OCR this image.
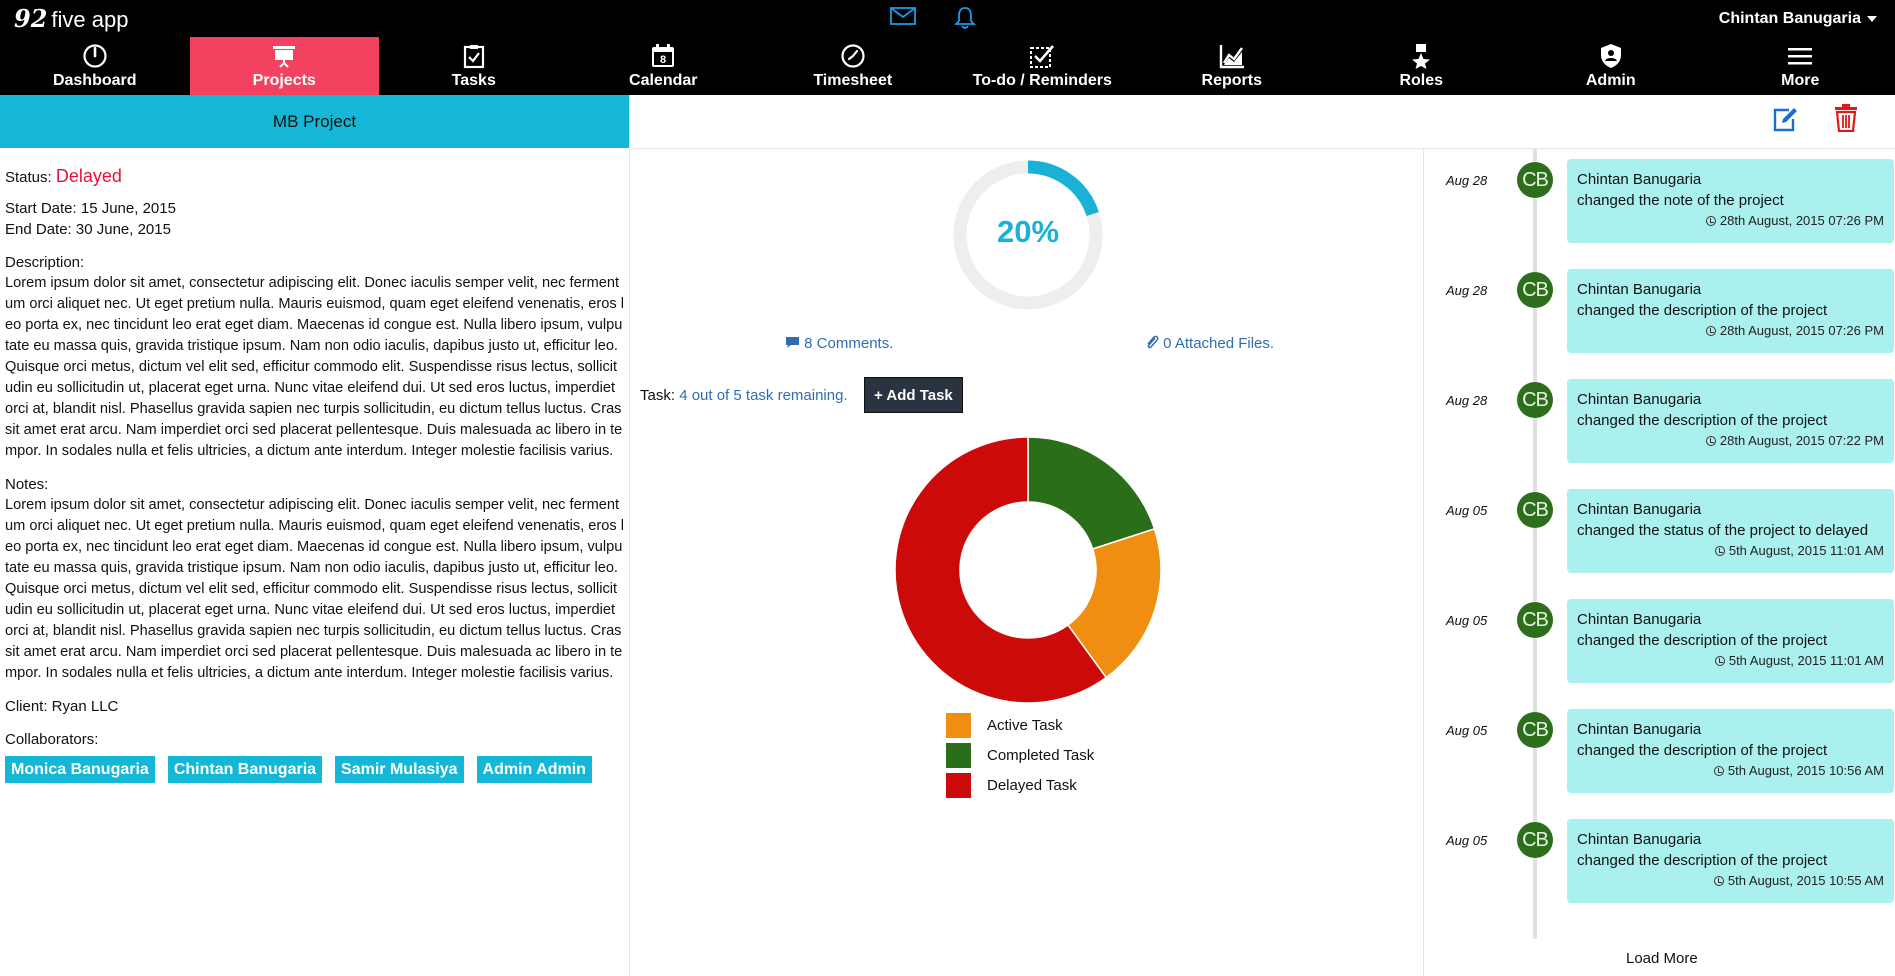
92 five app	Chintan Banugaria
Dashboard	Projects	Tasks
8
Calendar	Timesheet	To-do / Reminders	Reports	Roles	Admin	More
MB Project
Status: Delayed
Start Date: 15 June, 2015
End Date: 30 June, 2015
Description:
Lorem ipsum dolor sit amet, consectetur adipiscing elit. Donec iaculis semper velit, nec fermentum orci aliquet nec. Ut eget pretium nulla. Mauris euismod, quam eget eleifend venenatis, eros leo porta ex, nec tincidunt leo erat eget diam. Maecenas id congue est. Nulla libero ipsum, vulputate eu massa quis, gravida tristique ipsum. Nam non odio iaculis, dapibus justo ut, efficitur leo. Quisque orci metus, dictum vel elit sed, efficitur commodo elit. Suspendisse risus lectus, sollicitudin eu sollicitudin ut, placerat eget urna. Nunc vitae eleifend dui. Ut sed eros luctus, imperdiet orci at, blandit nisl. Phasellus gravida sapien nec turpis sollicitudin, eu dictum tellus luctus. Cras sit amet erat arcu. Nam imperdiet orci sed placerat pellentesque. Duis malesuada ac libero in tempor. In sodales nulla et felis ultricies, a dictum ante interdum. Integer molestie facilisis varius.
Notes:
Lorem ipsum dolor sit amet, consectetur adipiscing elit. Donec iaculis semper velit, nec fermentum orci aliquet nec. Ut eget pretium nulla. Mauris euismod, quam eget eleifend venenatis, eros leo porta ex, nec tincidunt leo erat eget diam. Maecenas id congue est. Nulla libero ipsum, vulputate eu massa quis, gravida tristique ipsum. Nam non odio iaculis, dapibus justo ut, efficitur leo. Quisque orci metus, dictum vel elit sed, efficitur commodo elit. Suspendisse risus lectus, sollicitudin eu sollicitudin ut, placerat eget urna. Nunc vitae eleifend dui. Ut sed eros luctus, imperdiet orci at, blandit nisl. Phasellus gravida sapien nec turpis sollicitudin, eu dictum tellus luctus. Cras sit amet erat arcu. Nam imperdiet orci sed placerat pellentesque. Duis malesuada ac libero in tempor. In sodales nulla et felis ultricies, a dictum ante interdum. Integer molestie facilisis varius.
Client: Ryan LLC
Collaborators:
Monica Banugaria	Chintan Banugaria	Samir Mulasiya	Admin Admin
20%
8 Comments.	0 Attached Files.
Task: 4 out of 5 task remaining.	+ Add Task
Active Task
Completed Task
Delayed Task
Aug 28 CB	Chintan Banugaria
changed the note of the project
28th August, 2015 07:26 PM
Aug 28 CB	Chintan Banugaria
changed the description of the project
28th August, 2015 07:26 PM
Aug 28 CB	Chintan Banugaria
changed the description of the project
28th August, 2015 07:22 PM
Aug 05 CB	Chintan Banugaria
changed the status of the project to delayed
5th August, 2015 11:01 AM
Aug 05 CB	Chintan Banugaria
changed the description of the project
5th August, 2015 11:01 AM
Aug 05 CB	Chintan Banugaria
changed the description of the project
5th August, 2015 10:56 AM
Aug 05 CB	Chintan Banugaria
changed the description of the project
5th August, 2015 10:55 AM
Load More
